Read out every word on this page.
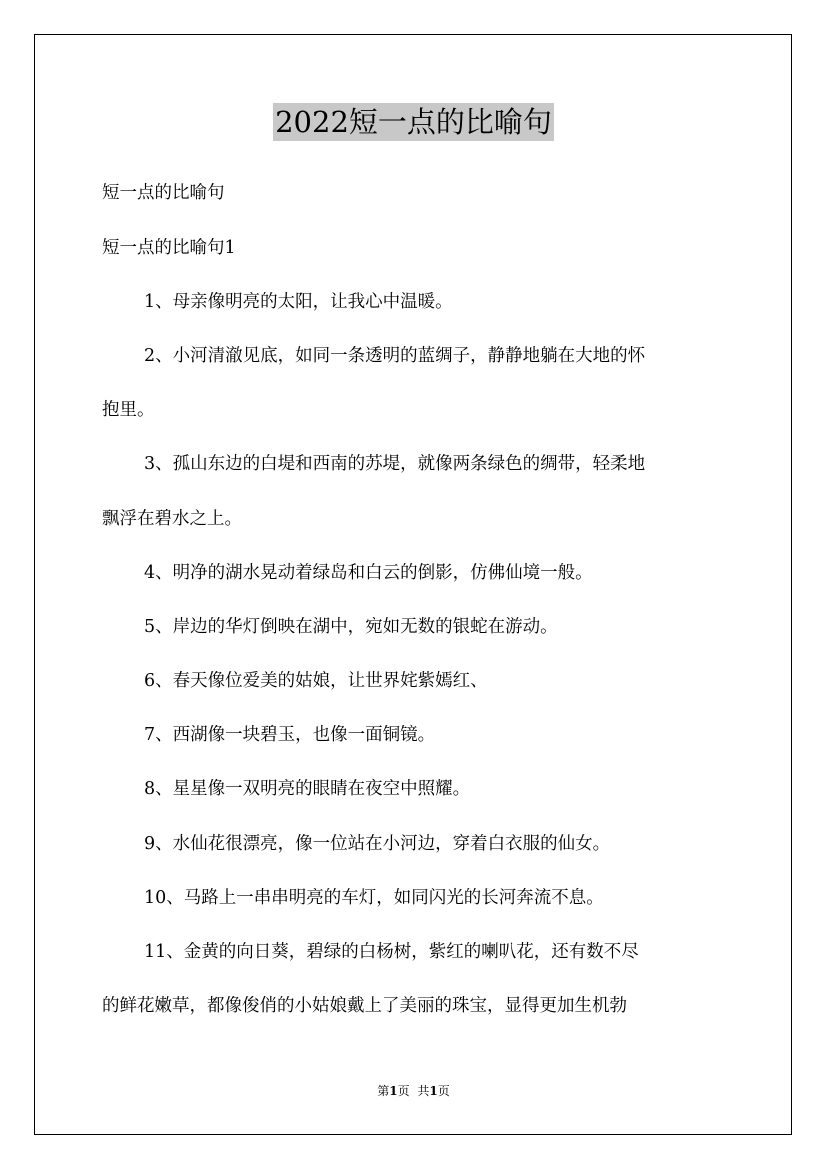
2022短一点的比喻句
短一点的比喻句
短一点的比喻句1
1、母亲像明亮的太阳，让我心中温暖。
2、小河清澈见底，如同一条透明的蓝绸子，静静地躺在大地的怀
抱里。
3、孤山东边的白堤和西南的苏堤，就像两条绿色的绸带，轻柔地
飘浮在碧水之上。
4、明净的湖水晃动着绿岛和白云的倒影，仿佛仙境一般。
5、岸边的华灯倒映在湖中，宛如无数的银蛇在游动。
6、春天像位爱美的姑娘，让世界姹紫嫣红、
7、西湖像一块碧玉，也像一面铜镜。
8、星星像一双明亮的眼睛在夜空中照耀。
9、水仙花很漂亮，像一位站在小河边，穿着白衣服的仙女。
10、马路上一串串明亮的车灯，如同闪光的长河奔流不息。
11、金黄的向日葵，碧绿的白杨树，紫红的喇叭花，还有数不尽
的鲜花嫩草，都像俊俏的小姑娘戴上了美丽的珠宝，显得更加生机勃
第1页 共1页
